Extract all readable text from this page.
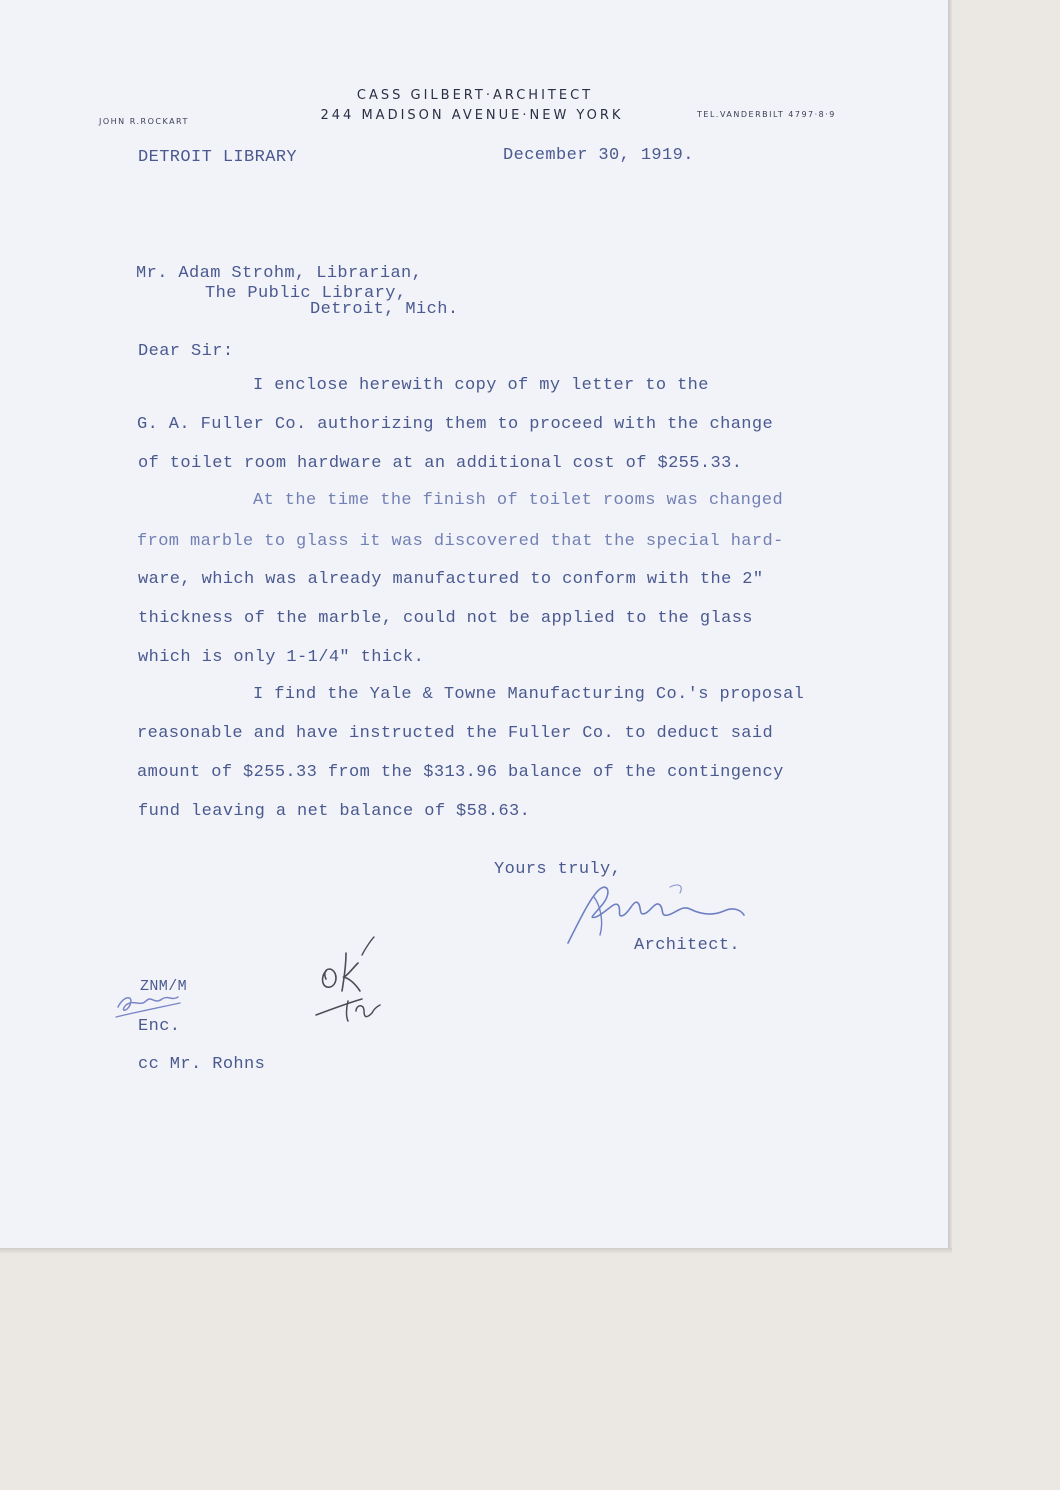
CASS GILBERT·ARCHITECT
244 MADISON AVENUE·NEW YORK
JOHN R.ROCKART
TEL.VANDERBILT 4797·8·9
DETROIT LIBRARY	December 30, 1919.
Mr. Adam Strohm, Librarian,
The Public Library,
Detroit, Mich.
Dear Sir:
I enclose herewith copy of my letter to the
G. A. Fuller Co. authorizing them to proceed with the change
of toilet room hardware at an additional cost of $255.33.
At the time the finish of toilet rooms was changed
from marble to glass it was discovered that the special hard-
ware, which was already manufactured to conform with the 2"
thickness of the marble, could not be applied to the glass
which is only 1-1/4" thick.
I find the Yale & Towne Manufacturing Co.'s proposal
reasonable and have instructed the Fuller Co. to deduct said
amount of $255.33 from the $313.96 balance of the contingency
fund leaving a net balance of $58.63.
Yours truly,
Architect.
ZNM/M
Enc.
cc Mr. Rohns
